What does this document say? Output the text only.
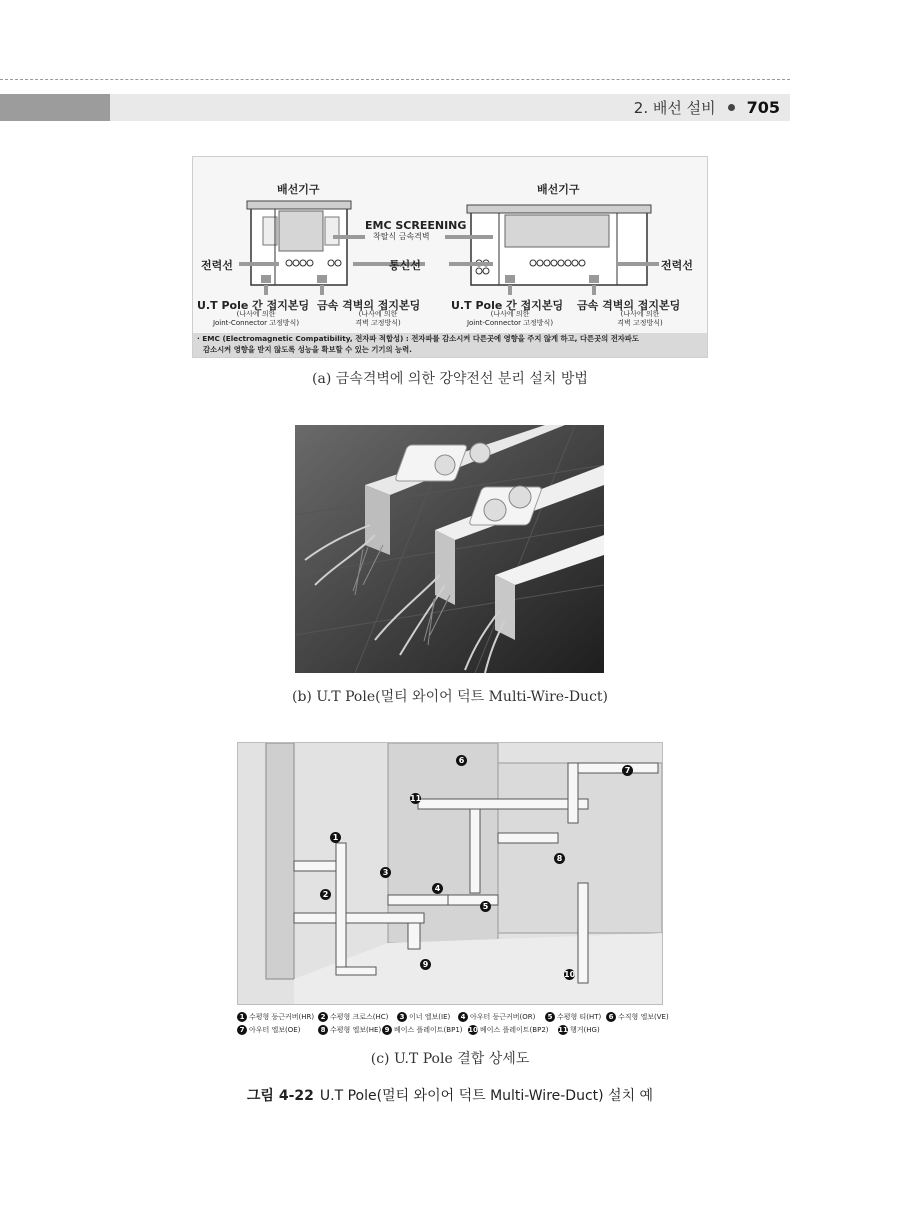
2. 배선 설비 705
배선기구	배선기구
EMC SCREENING
착탈식 금속격벽
전력선	전력선
통신선
U.T Pole 간 접지본딩
(나사에 의한
Joint-Connector 고정방식)
금속 격벽의 접지본딩
(나사에 의한
격벽 고정방식)
U.T Pole 간 접지본딩
(나사에 의한
Joint-Connector 고정방식)
금속 격벽의 접지본딩
(나사에 의한
격벽 고정방식)
· EMC (Electromagnetic Compatibility, 전자파 적합성) : 전자파를 감소시켜 다른곳에 영향을 주지 않게 하고, 다른곳의 전자파도
감소시켜 영향을 받지 않도록 성능을 확보할 수 있는 기기의 능력.
(a) 금속격벽에 의한 강약전선 분리 설치 방법
(b) U.T Pole(멀티 와이어 덕트 Multi-Wire-Duct)
1
2
3
4
5
6
7
8
9
10
11
1 수평형 둥근커버(HR) 2 수평형 크로스(HC)	3 이너 엘보(IE)	4 아우터 둥근커버(OR)	5 수평형 티(HT)	6 수직형 엘보(VE)
7 아우터 엘보(OE)	8 수평형 엘보(HE) 9 베이스 플레이트(BP1) 10 베이스 플레이트(BP2) 11 행거(HG)
(c) U.T Pole 결합 상세도
그림 4-22 U.T Pole(멀티 와이어 덕트 Multi-Wire-Duct) 설치 예
